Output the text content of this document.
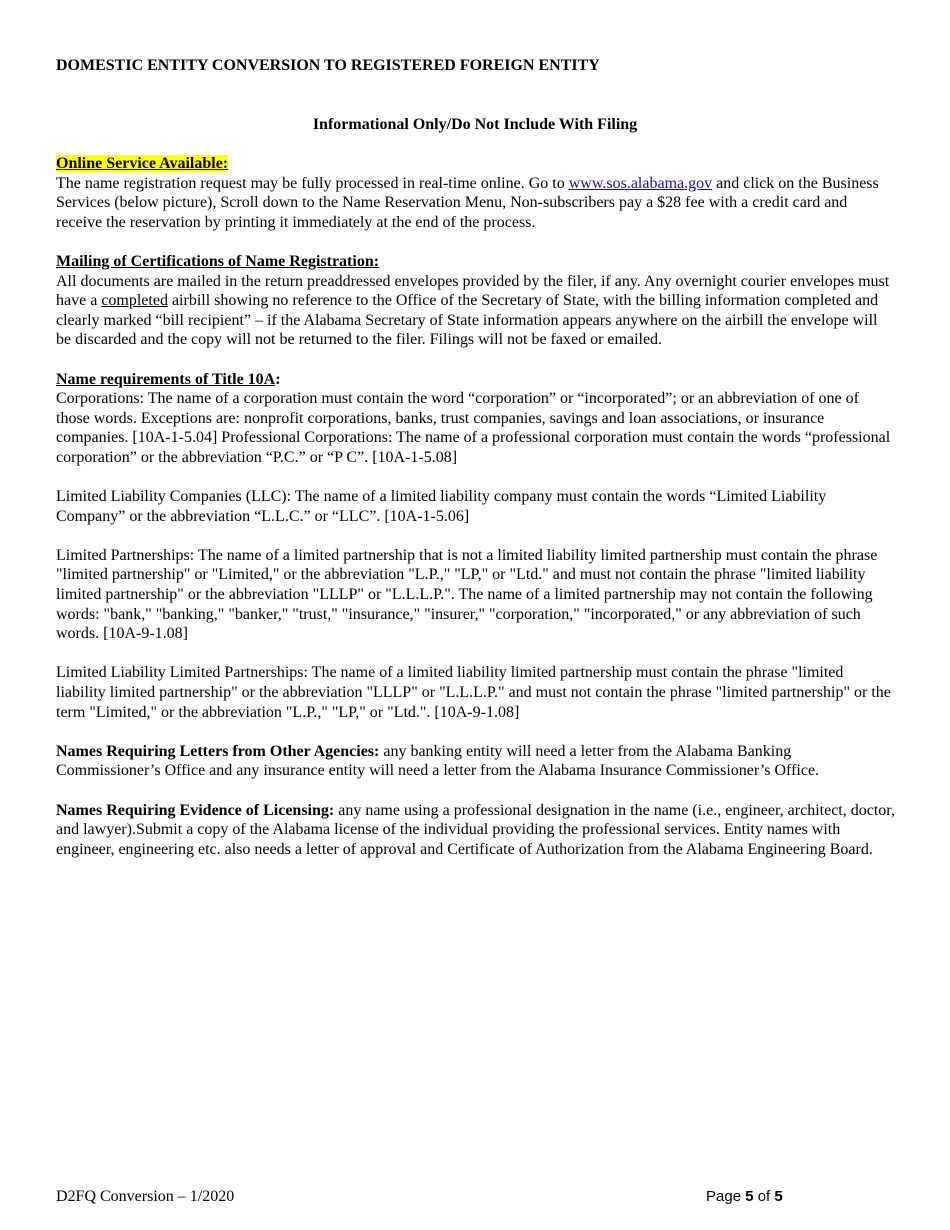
DOMESTIC ENTITY CONVERSION TO REGISTERED FOREIGN ENTITY
Informational Only/Do Not Include With Filing

Online Service Available:

The name registration request may be fully processed in real-time online. Go to www.sos.alabama.gov and click on the Business Services (below picture), Scroll down to the Name Reservation Menu, Non-subscribers pay a $28 fee with a credit card and receive the reservation by printing it immediately at the end of the process.

Mailing of Certifications of Name Registration:

All documents are mailed in the return preaddressed envelopes provided by the filer, if any. Any overnight courier envelopes must have a completed airbill showing no reference to the Office of the Secretary of State, with the billing information completed and clearly marked “bill recipient” – if the Alabama Secretary of State information appears anywhere on the airbill the envelope will be discarded and the copy will not be returned to the filer. Filings will not be faxed or emailed.

Name requirements of Title 10A:

Corporations: The name of a corporation must contain the word “corporation” or “incorporated”; or an abbreviation of one of those words. Exceptions are: nonprofit corporations, banks, trust companies, savings and loan associations, or insurance companies. [10A-1-5.04] Professional Corporations: The name of a professional corporation must contain the words “professional corporation” or the abbreviation “P.C.” or “P C”. [10A-1-5.08]

Limited Liability Companies (LLC): The name of a limited liability company must contain the words “Limited Liability Company” or the abbreviation “L.L.C.” or “LLC”. [10A-1-5.06]

Limited Partnerships: The name of a limited partnership that is not a limited liability limited partnership must contain the phrase "limited partnership" or "Limited," or the abbreviation "L.P.," "LP," or "Ltd." and must not contain the phrase "limited liability limited partnership" or the abbreviation "LLLP" or "L.L.L.P.". The name of a limited partnership may not contain the following words: "bank," "banking," "banker," "trust," "insurance," "insurer," "corporation," "incorporated," or any abbreviation of such words. [10A-9-1.08]

Limited Liability Limited Partnerships: The name of a limited liability limited partnership must contain the phrase "limited liability limited partnership" or the abbreviation "LLLP" or "L.L.L.P." and must not contain the phrase "limited partnership" or the term "Limited," or the abbreviation "L.P.," "LP," or "Ltd.". [10A-9-1.08]

Names Requiring Letters from Other Agencies: any banking entity will need a letter from the Alabama Banking Commissioner’s Office and any insurance entity will need a letter from the Alabama Insurance Commissioner’s Office.

Names Requiring Evidence of Licensing: any name using a professional designation in the name (i.e., engineer, architect, doctor, and lawyer).Submit a copy of the Alabama license of the individual providing the professional services. Entity names with engineer, engineering etc. also needs a letter of approval and Certificate of Authorization from the Alabama Engineering Board.

D2FQ Conversion – 1/2020	Page 5 of 5
